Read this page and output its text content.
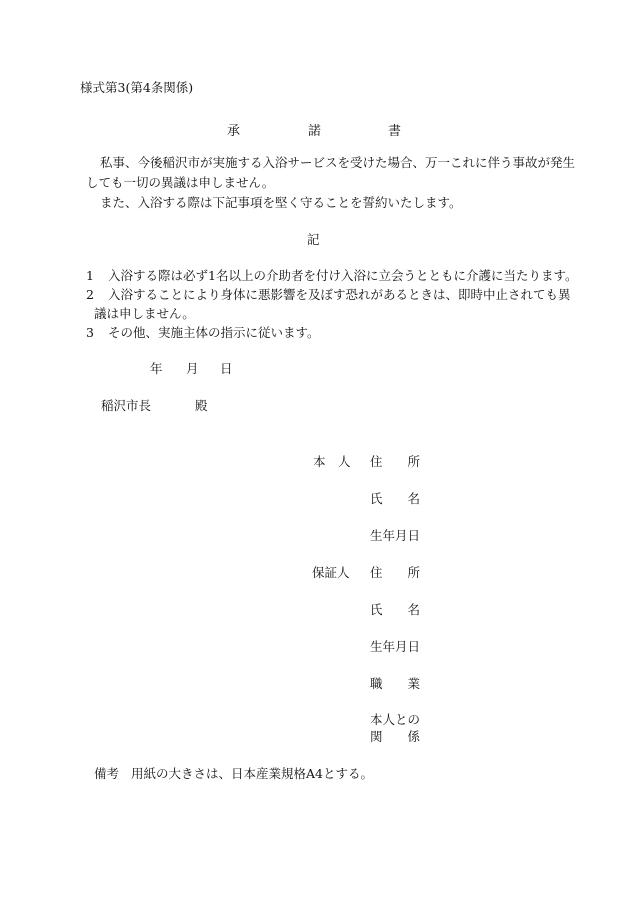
様式第3(第4条関係)
承	諾	書
私事、今後稲沢市が実施する入浴サービスを受けた場合、万一これに伴う事故が発生
しても一切の異議は申しません。
また、入浴する際は下記事項を堅く守ることを誓約いたします。
記
1 入浴する際は必ず1名以上の介助者を付け入浴に立会うとともに介護に当たります。
2 入浴することにより身体に悪影響を及ぼす恐れがあるときは、即時中止されても異
議は申しません。
3 その他、実施主体の指示に従います。
年 月 日
稲沢市長	殿
本　人 住　　所
氏　　名
生年月日
保証人 住　　所
氏　　名
生年月日
職　　業
本人との
関　　係
備考 用紙の大きさは、日本産業規格A4とする。
